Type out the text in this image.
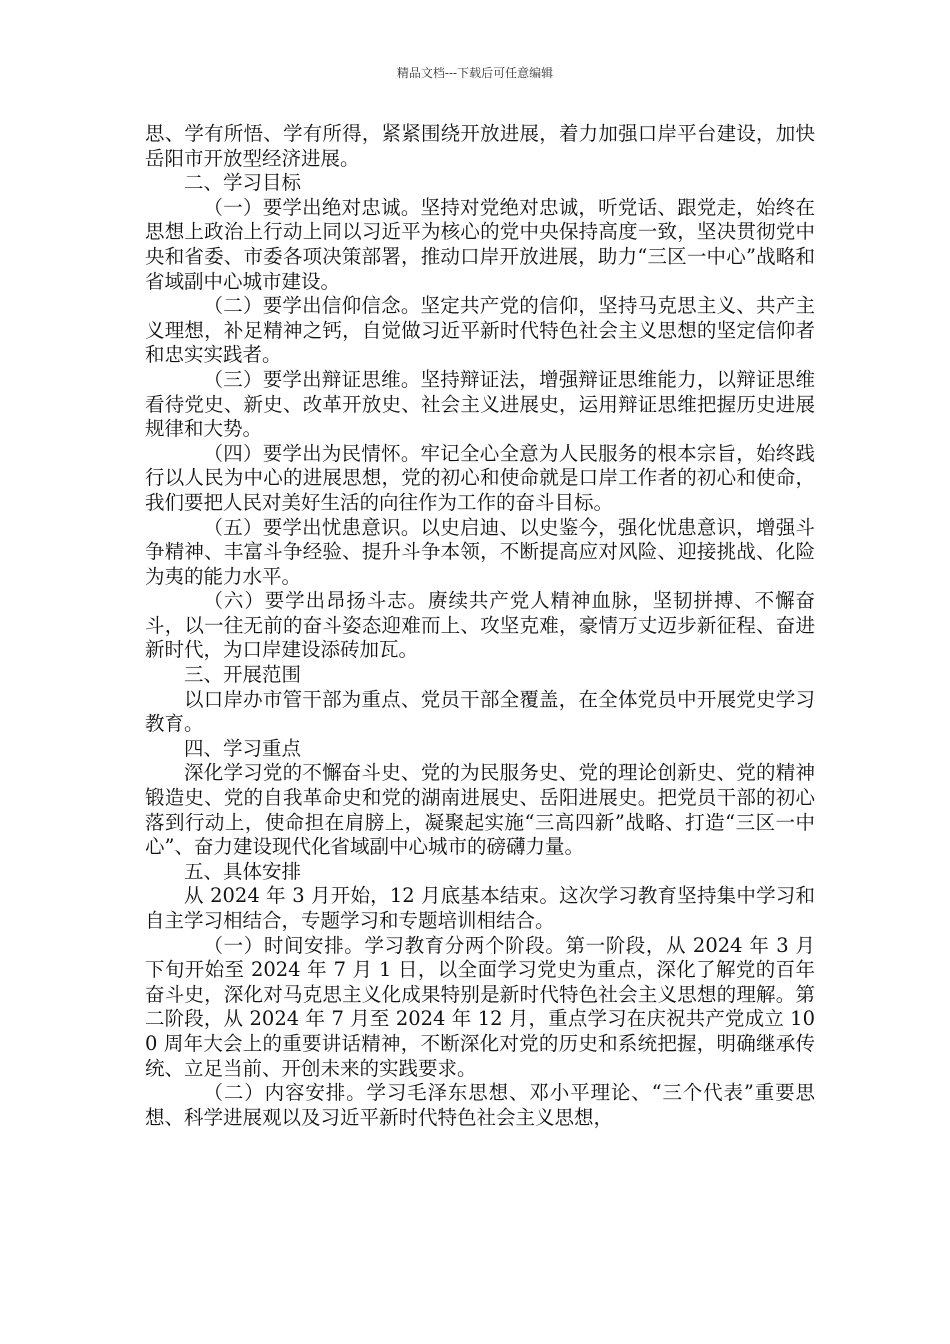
精品文档---下载后可任意编辑

思、学有所悟、学有所得，紧紧围绕开放进展，着力加强口岸平台建设，加快岳阳市开放型经济进展。

二、学习目标

（一）要学出绝对忠诚。坚持对党绝对忠诚，听党话、跟党走，始终在思想上政治上行动上同以习近平为核心的党中央保持高度一致，坚决贯彻党中央和省委、市委各项决策部署，推动口岸开放进展，助力“三区一中心”战略和省域副中心城市建设。

（二）要学出信仰信念。坚定共产党的信仰，坚持马克思主义、共产主义理想，补足精神之钙，自觉做习近平新时代特色社会主义思想的坚定信仰者和忠实实践者。

（三）要学出辩证思维。坚持辩证法，增强辩证思维能力，以辩证思维看待党史、新史、改革开放史、社会主义进展史，运用辩证思维把握历史进展规律和大势。

（四）要学出为民情怀。牢记全心全意为人民服务的根本宗旨，始终践行以人民为中心的进展思想，党的初心和使命就是口岸工作者的初心和使命，我们要把人民对美好生活的向往作为工作的奋斗目标。

（五）要学出忧患意识。以史启迪、以史鉴今，强化忧患意识，增强斗争精神、丰富斗争经验、提升斗争本领，不断提高应对风险、迎接挑战、化险为夷的能力水平。

（六）要学出昂扬斗志。赓续共产党人精神血脉，坚韧拼搏、不懈奋斗，以一往无前的奋斗姿态迎难而上、攻坚克难，豪情万丈迈步新征程、奋进新时代，为口岸建设添砖加瓦。

三、开展范围

以口岸办市管干部为重点、党员干部全覆盖，在全体党员中开展党史学习教育。

四、学习重点

深化学习党的不懈奋斗史、党的为民服务史、党的理论创新史、党的精神锻造史、党的自我革命史和党的湖南进展史、岳阳进展史。把党员干部的初心落到行动上，使命担在肩膀上，凝聚起实施“三高四新”战略、打造“三区一中心”、奋力建设现代化省域副中心城市的磅礴力量。

五、具体安排

从 2024 年 3 月开始，12 月底基本结束。这次学习教育坚持集中学习和自主学习相结合，专题学习和专题培训相结合。

（一）时间安排。学习教育分两个阶段。第一阶段，从 2024 年 3 月下旬开始至 2024 年 7 月 1 日，以全面学习党史为重点，深化了解党的百年奋斗史，深化对马克思主义化成果特别是新时代特色社会主义思想的理解。第二阶段，从 2024 年 7 月至 2024 年 12 月，重点学习在庆祝共产党成立 100 周年大会上的重要讲话精神，不断深化对党的历史和系统把握，明确继承传统、立足当前、开创未来的实践要求。

（二）内容安排。学习毛泽东思想、邓小平理论、“三个代表”重要思想、科学进展观以及习近平新时代特色社会主义思想，
